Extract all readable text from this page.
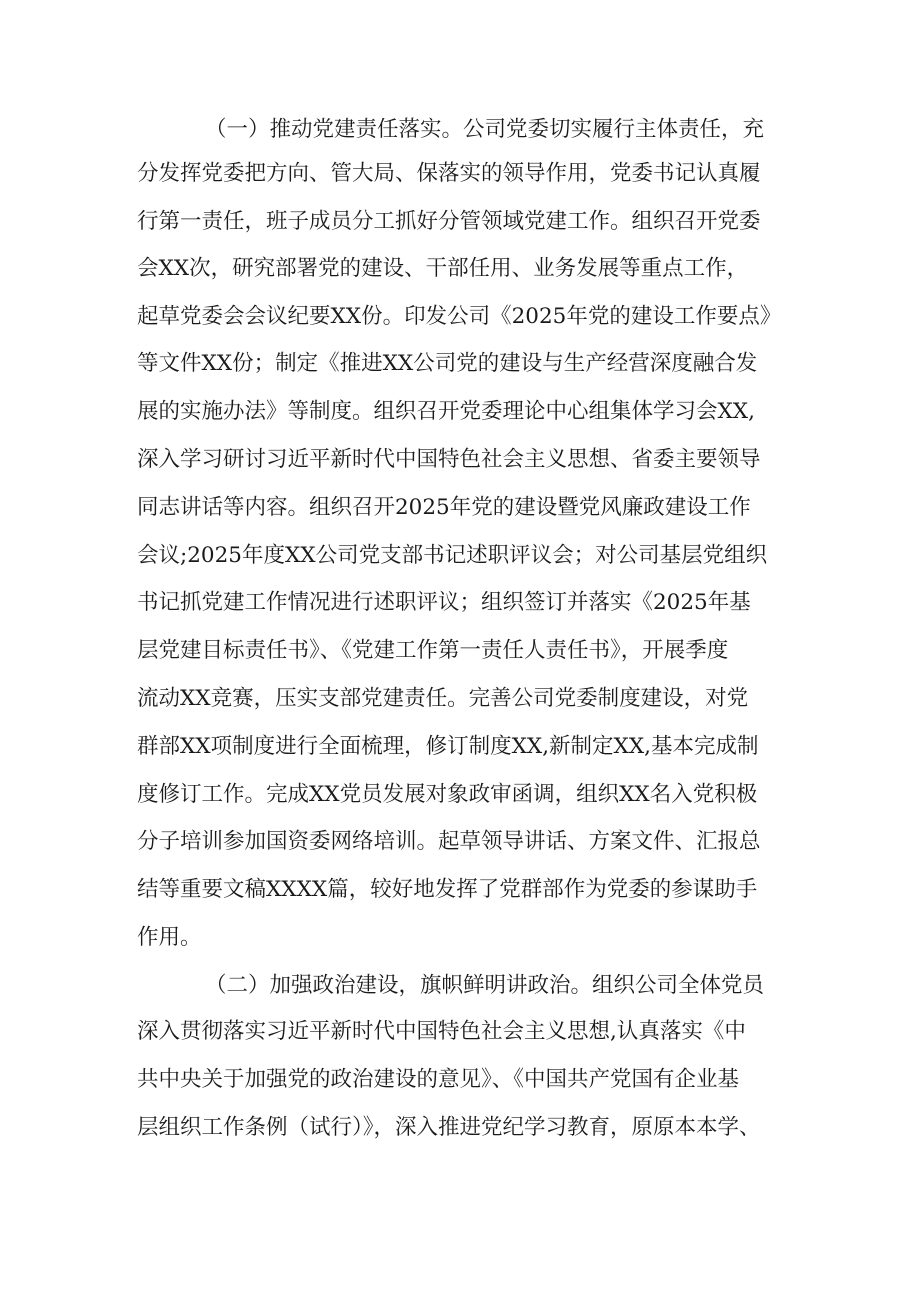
（一）推动党建责任落实。公司党委切实履行主体责任，充
分发挥党委把方向、管大局、保落实的领导作用，党委书记认真履
行第一责任，班子成员分工抓好分管领域党建工作。组织召开党委
会XX次，研究部署党的建设、干部任用、业务发展等重点工作，
起草党委会会议纪要XX份。印发公司《2025年党的建设工作要点》
等文件XX份；制定《推进XX公司党的建设与生产经营深度融合发
展的实施办法》等制度。组织召开党委理论中心组集体学习会XX,
深入学习研讨习近平新时代中国特色社会主义思想、省委主要领导
同志讲话等内容。组织召开2025年党的建设暨党风廉政建设工作
会议;2025年度XX公司党支部书记述职评议会；对公司基层党组织
书记抓党建工作情况进行述职评议；组织签订并落实《2025年基
层党建目标责任书》、《党建工作第一责任人责任书》，开展季度
流动XX竞赛，压实支部党建责任。完善公司党委制度建设，对党
群部XX项制度进行全面梳理，修订制度XX,新制定XX,基本完成制
度修订工作。完成XX党员发展对象政审函调，组织XX名入党积极
分子培训参加国资委网络培训。起草领导讲话、方案文件、汇报总
结等重要文稿XXXX篇，较好地发挥了党群部作为党委的参谋助手
作用。
（二）加强政治建设，旗帜鲜明讲政治。组织公司全体党员
深入贯彻落实习近平新时代中国特色社会主义思想,认真落实《中
共中央关于加强党的政治建设的意见》、《中国共产党国有企业基
层组织工作条例（试行）》，深入推进党纪学习教育，原原本本学、
